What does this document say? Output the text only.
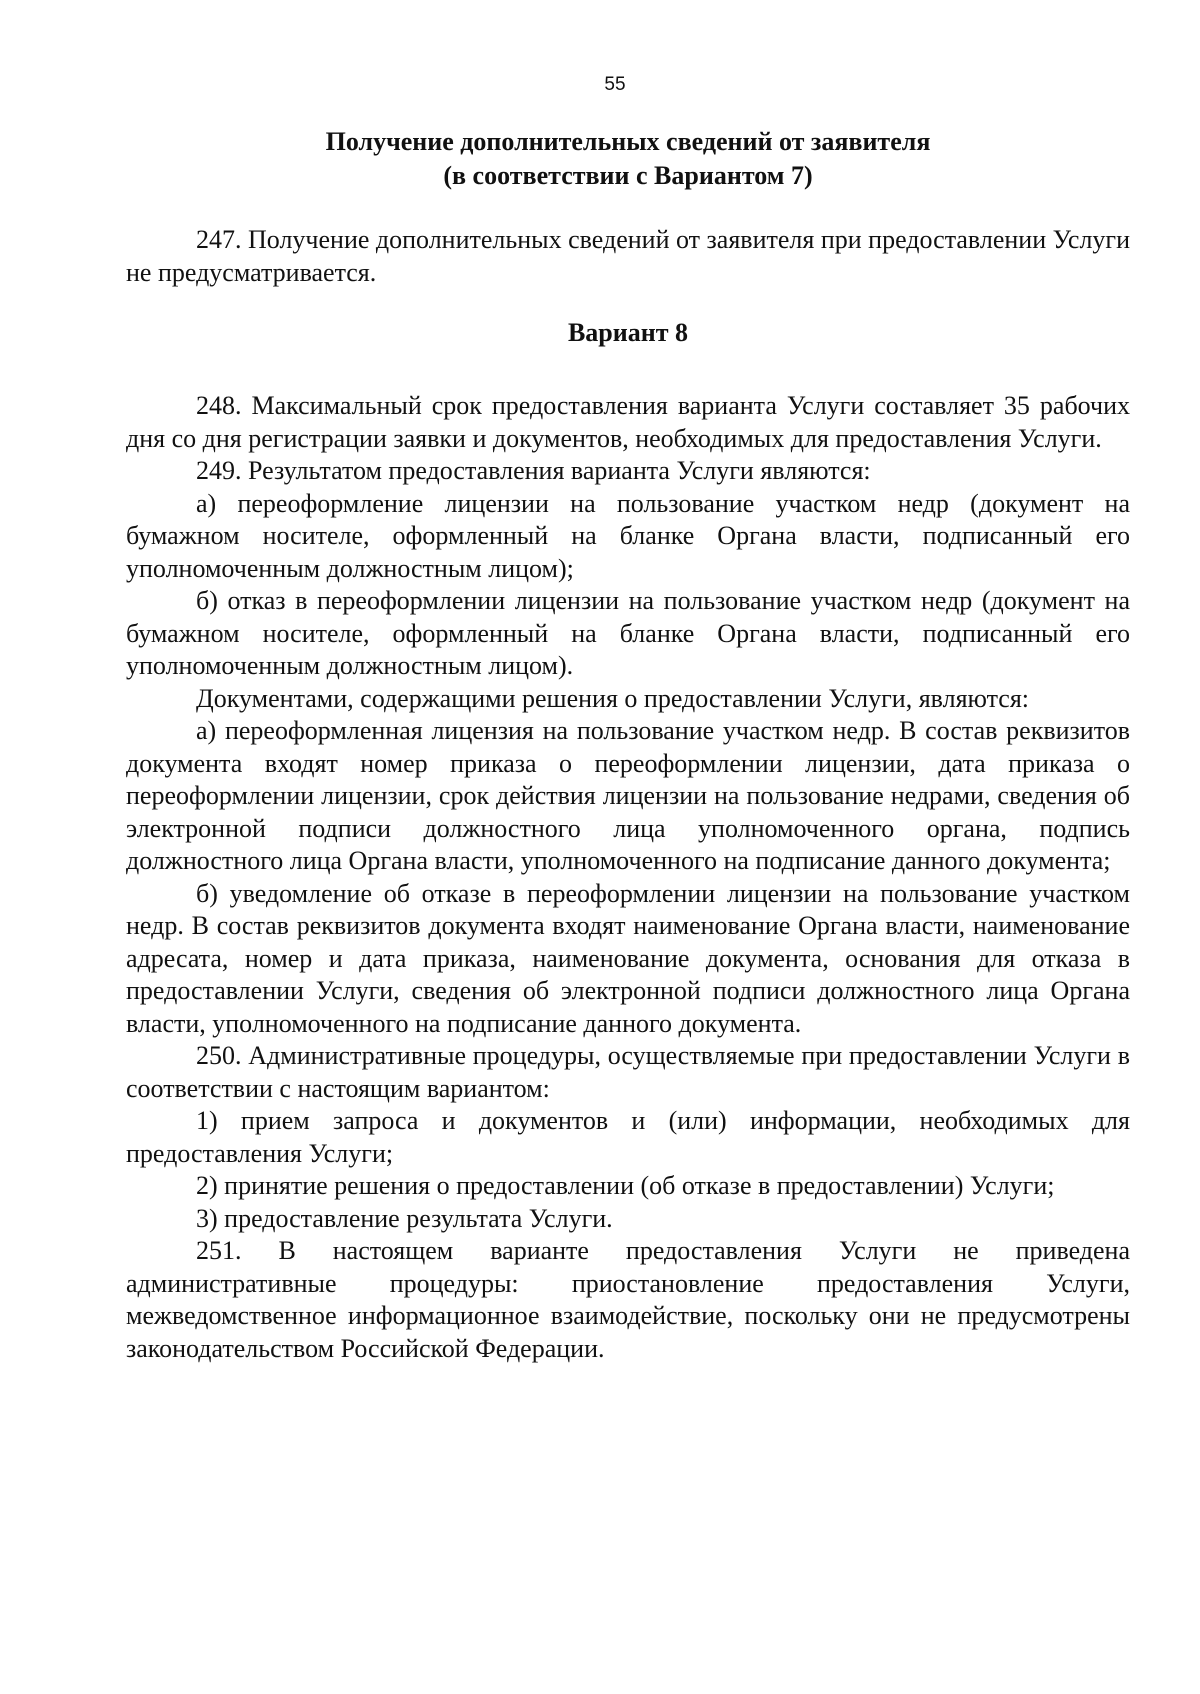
55
Получение дополнительных сведений от заявителя
(в соответствии с Вариантом 7)
247. Получение дополнительных сведений от заявителя при предоставлении Услуги не предусматривается.
Вариант 8

248. Максимальный срок предоставления варианта Услуги составляет 35 рабочих дня со дня регистрации заявки и документов, необходимых для предоставления Услуги.

249. Результатом предоставления варианта Услуги являются:

а) переоформление лицензии на пользование участком недр (документ на бумажном носителе, оформленный на бланке Органа власти, подписанный его уполномоченным должностным лицом);

б) отказ в переоформлении лицензии на пользование участком недр (документ на бумажном носителе, оформленный на бланке Органа власти, подписанный его уполномоченным должностным лицом).

Документами, содержащими решения о предоставлении Услуги, являются:

а) переоформленная лицензия на пользование участком недр. В состав реквизитов документа входят номер приказа о переоформлении лицензии, дата приказа о переоформлении лицензии, срок действия лицензии на пользование недрами, сведения об электронной подписи должностного лица уполномоченного органа, подпись должностного лица Органа власти, уполномоченного на подписание данного документа;

б) уведомление об отказе в переоформлении лицензии на пользование участком недр. В состав реквизитов документа входят наименование Органа власти, наименование адресата, номер и дата приказа, наименование документа, основания для отказа в предоставлении Услуги, сведения об электронной подписи должностного лица Органа власти, уполномоченного на подписание данного документа.

250. Административные процедуры, осуществляемые при предоставлении Услуги в соответствии с настоящим вариантом:

1) прием запроса и документов и (или) информации, необходимых для предоставления Услуги;

2) принятие решения о предоставлении (об отказе в предоставлении) Услуги;

3) предоставление результата Услуги.

251. В настоящем варианте предоставления Услуги не приведена административные процедуры: приостановление предоставления Услуги, межведомственное информационное взаимодействие, поскольку они не предусмотрены законодательством Российской Федерации.
